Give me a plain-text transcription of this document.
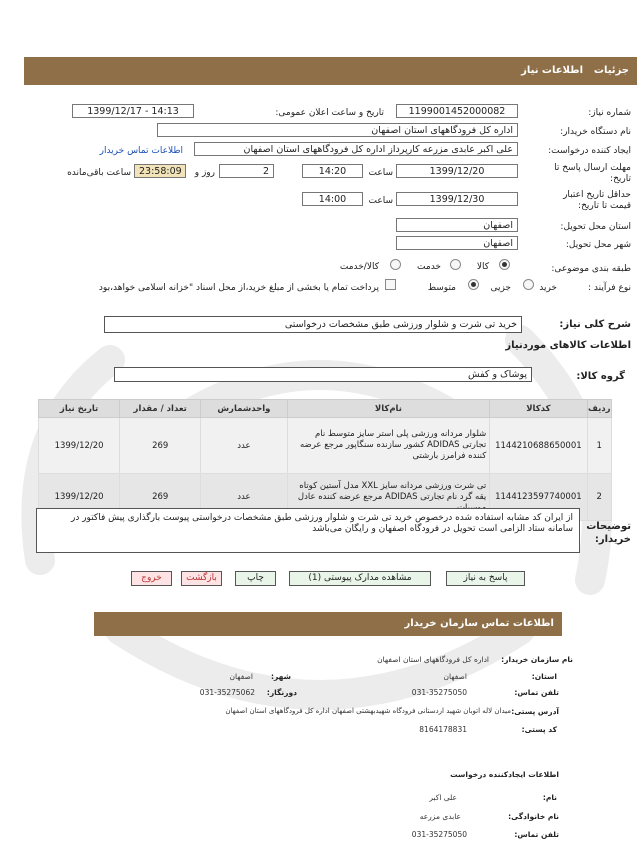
جزئیات
اطلاعات نیاز
شماره نیاز:
1199001452000082
تاریخ و ساعت اعلان عمومی:
1399/12/17 - 14:13
نام دستگاه خریدار:
اداره کل فرودگاههای استان اصفهان
ایجاد کننده درخواست:
علی اکبر عابدی مزرعه کارپرداز اداره کل فرودگاههای استان اصفهان
اطلاعات تماس خریدار
مهلت ارسال پاسخ تا تاریخ:
1399/12/20
ساعت
14:20
2
روز و
23:58:09
ساعت باقی‌مانده
حداقل تاریخ اعتبار قیمت تا تاریخ:
1399/12/30
ساعت
14:00
استان محل تحویل:
اصفهان
شهر محل تحویل:
اصفهان
طبقه بندی موضوعی:
کالا
خدمت
کالا/خدمت
نوع فرآیند :
خرید
جزیی
متوسط
پرداخت تمام یا بخشی از مبلغ خرید،از محل اسناد "خزانه اسلامی خواهد،بود
شرح کلی نیاز:
خرید تی شرت و شلوار ورزشی طبق مشخصات درخواستی
اطلاعات کالاهای موردنیاز
گروه کالا:
پوشاک و کفش
ردیف	کدکالا	نام‌کالا	واحدشمارش	تعداد / مقدار	تاریخ نیاز
1	1144210688650001	شلوار مردانه ورزشی پلی استر سایز متوسط نام تجارتی ADIDAS کشور سازنده سنگاپور مرجع عرضه کننده فرامرز بارشتی	عدد	269	1399/12/20
2	1144123597740001	تی شرت ورزشی مردانه سایز XXL مدل آستین کوتاه یقه گرد نام تجارتی ADIDAS مرجع عرضه کننده عادل	عدد	269	1399/12/20
توضیحات خریدار:
از ایران کد مشابه استفاده شده درخصوص خرید تی شرت و شلوار ورزشی طبق مشخصات درخواستی پیوست بارگذاری پیش فاکتور در سامانه ستاد الزامی است تحویل در فرودگاه اصفهان و رایگان می‌باشد
پاسخ به نیاز
مشاهده مدارک پیوستی (1)
چاپ
بازگشت
خروج
اطلاعات تماس سازمان خریدار
نام سازمان خریدار:
اداره کل فرودگاههای استان اصفهان
استان:
اصفهان
شهر:
اصفهان
تلفن تماس:
031-35275050
دورنگار:
031-35275062
آدرس پستی:
میدان لاله اتوبان شهید اردستانی فرودگاه شهیدبهشتی اصفهان اداره کل فرودگاههای استان اصفهان
کد پستی:
8164178831
اطلاعات ایجادکننده درخواست
نام:
علی اکبر
نام خانوادگی:
عابدی مزرعه
تلفن تماس:
031-35275050
